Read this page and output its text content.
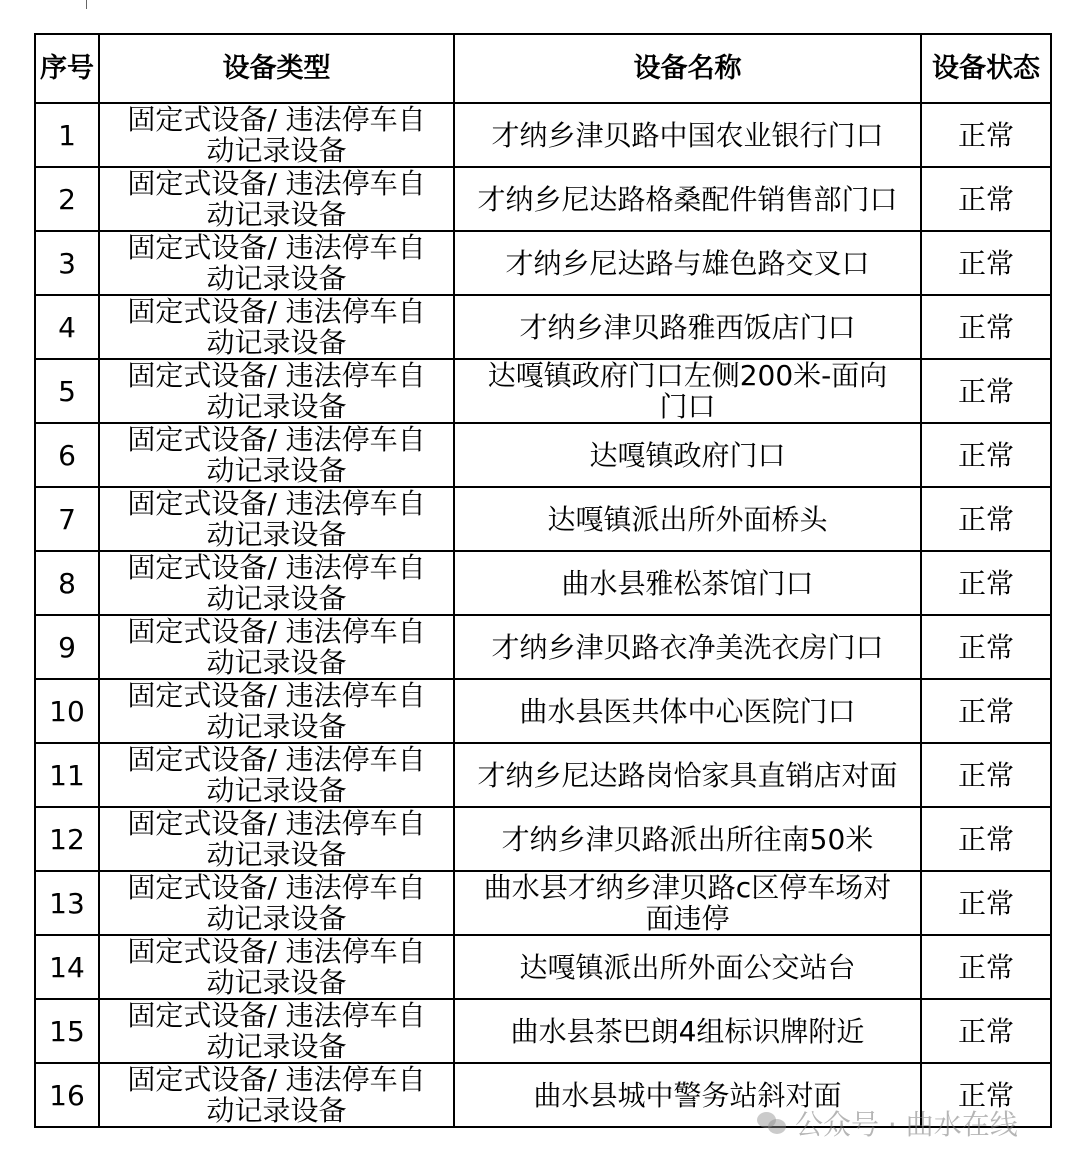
序号	设备类型	设备名称	设备状态
1	固定式设备/ 违法停车自动记录设备	才纳乡津贝路中国农业银行门口	正常
2	固定式设备/ 违法停车自动记录设备	才纳乡尼达路格桑配件销售部门口	正常
3	固定式设备/ 违法停车自动记录设备	才纳乡尼达路与雄色路交叉口	正常
4	固定式设备/ 违法停车自动记录设备	才纳乡津贝路雅西饭店门口	正常
5	固定式设备/ 违法停车自动记录设备	达嘎镇政府门口左侧200米-面向门口	正常
6	固定式设备/ 违法停车自动记录设备	达嘎镇政府门口	正常
7	固定式设备/ 违法停车自动记录设备	达嘎镇派出所外面桥头	正常
8	固定式设备/ 违法停车自动记录设备	曲水县雅松茶馆门口	正常
9	固定式设备/ 违法停车自动记录设备	才纳乡津贝路衣净美洗衣房门口	正常
10	固定式设备/ 违法停车自动记录设备	曲水县医共体中心医院门口	正常
11	固定式设备/ 违法停车自动记录设备	才纳乡尼达路岗恰家具直销店对面	正常
12	固定式设备/ 违法停车自动记录设备	才纳乡津贝路派出所往南50米	正常
13	固定式设备/ 违法停车自动记录设备	曲水县才纳乡津贝路c区停车场对面违停	正常
14	固定式设备/ 违法停车自动记录设备	达嘎镇派出所外面公交站台	正常
15	固定式设备/ 违法停车自动记录设备	曲水县茶巴朗4组标识牌附近	正常
16	固定式设备/ 违法停车自动记录设备	曲水县城中警务站斜对面	正常
公众号 · 曲水在线
